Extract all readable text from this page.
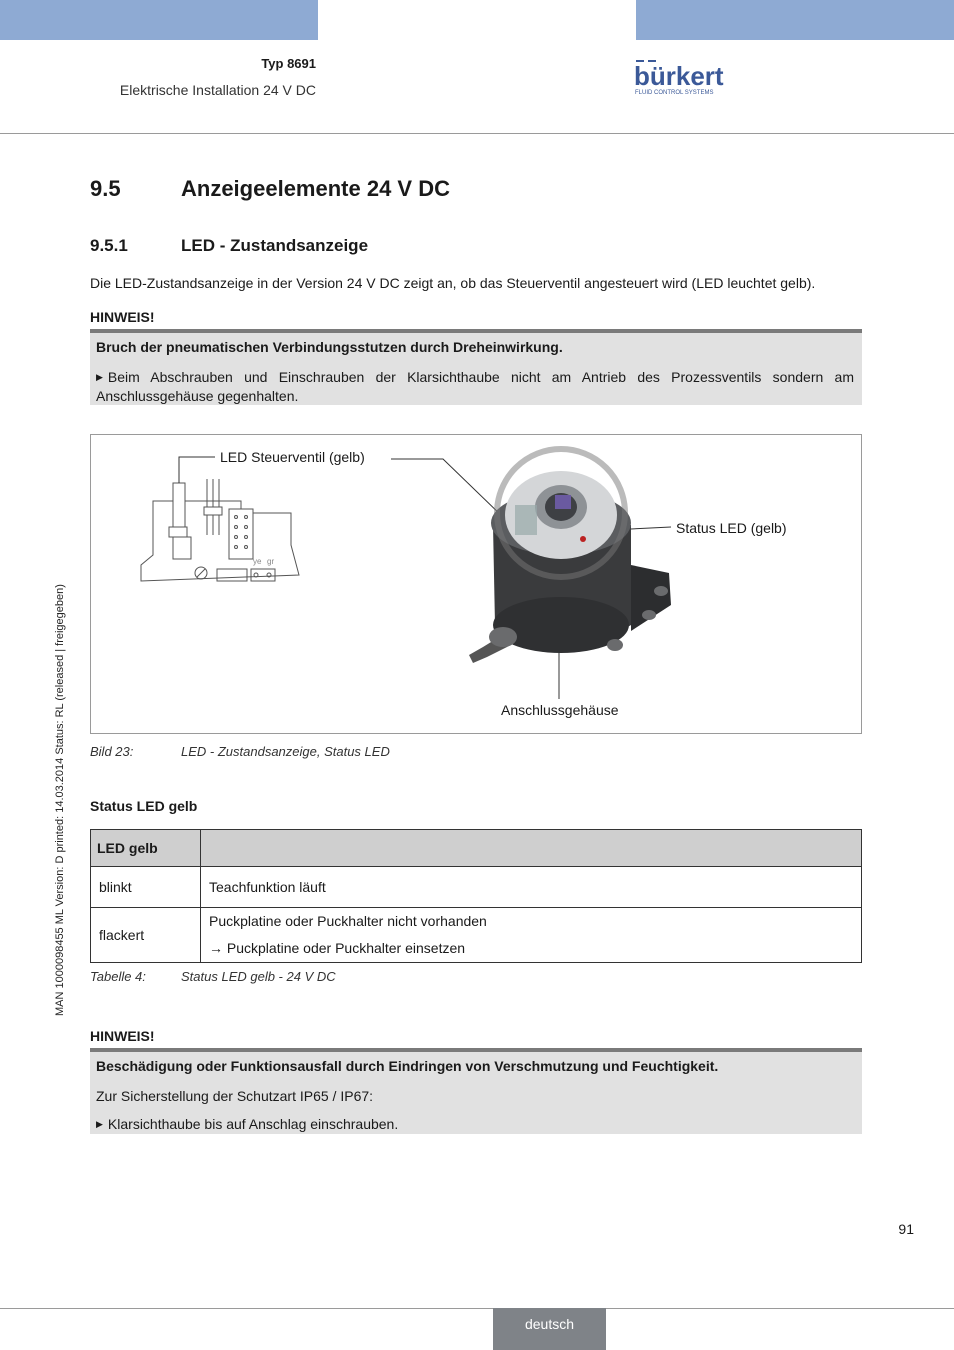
Typ 8691
Elektrische Installation 24 V DC	bürkert
FLUID CONTROL SYSTEMS
MAN 1000098455 ML Version: D printed: 14.03.2014 Status: RL (released | freigegeben)
9.5	Anzeigeelemente 24 V DC
9.5.1	LED - Zustandsanzeige
Die LED-Zustandsanzeige in der Version 24 V DC zeigt an, ob das Steuerventil angesteuert wird (LED leuchtet gelb).
HINWEIS!
Bruch der pneumatischen Verbindungsstutzen durch Dreheinwirkung.
▶ Beim Abschrauben und Einschrauben der Klarsichthaube nicht am Antrieb des Prozessventils sondern am Anschlussgehäuse gegenhalten.
ye gr
LED Steuerventil (gelb)
Status LED (gelb)
Anschlussgehäuse
Bild 23:	LED - Zustandsanzeige, Status LED
Status LED gelb
LED gelb	
blinkt	Teachfunktion läuft
flackert	Puckplatine oder Puckhalter nicht vorhanden
→ Puckplatine oder Puckhalter einsetzen
Tabelle 4:	Status LED gelb - 24 V DC
HINWEIS!
Beschädigung oder Funktionsausfall durch Eindringen von Verschmutzung und Feuchtigkeit.
Zur Sicherstellung der Schutzart IP65 / IP67:
▶ Klarsichthaube bis auf Anschlag einschrauben.
91
deutsch
